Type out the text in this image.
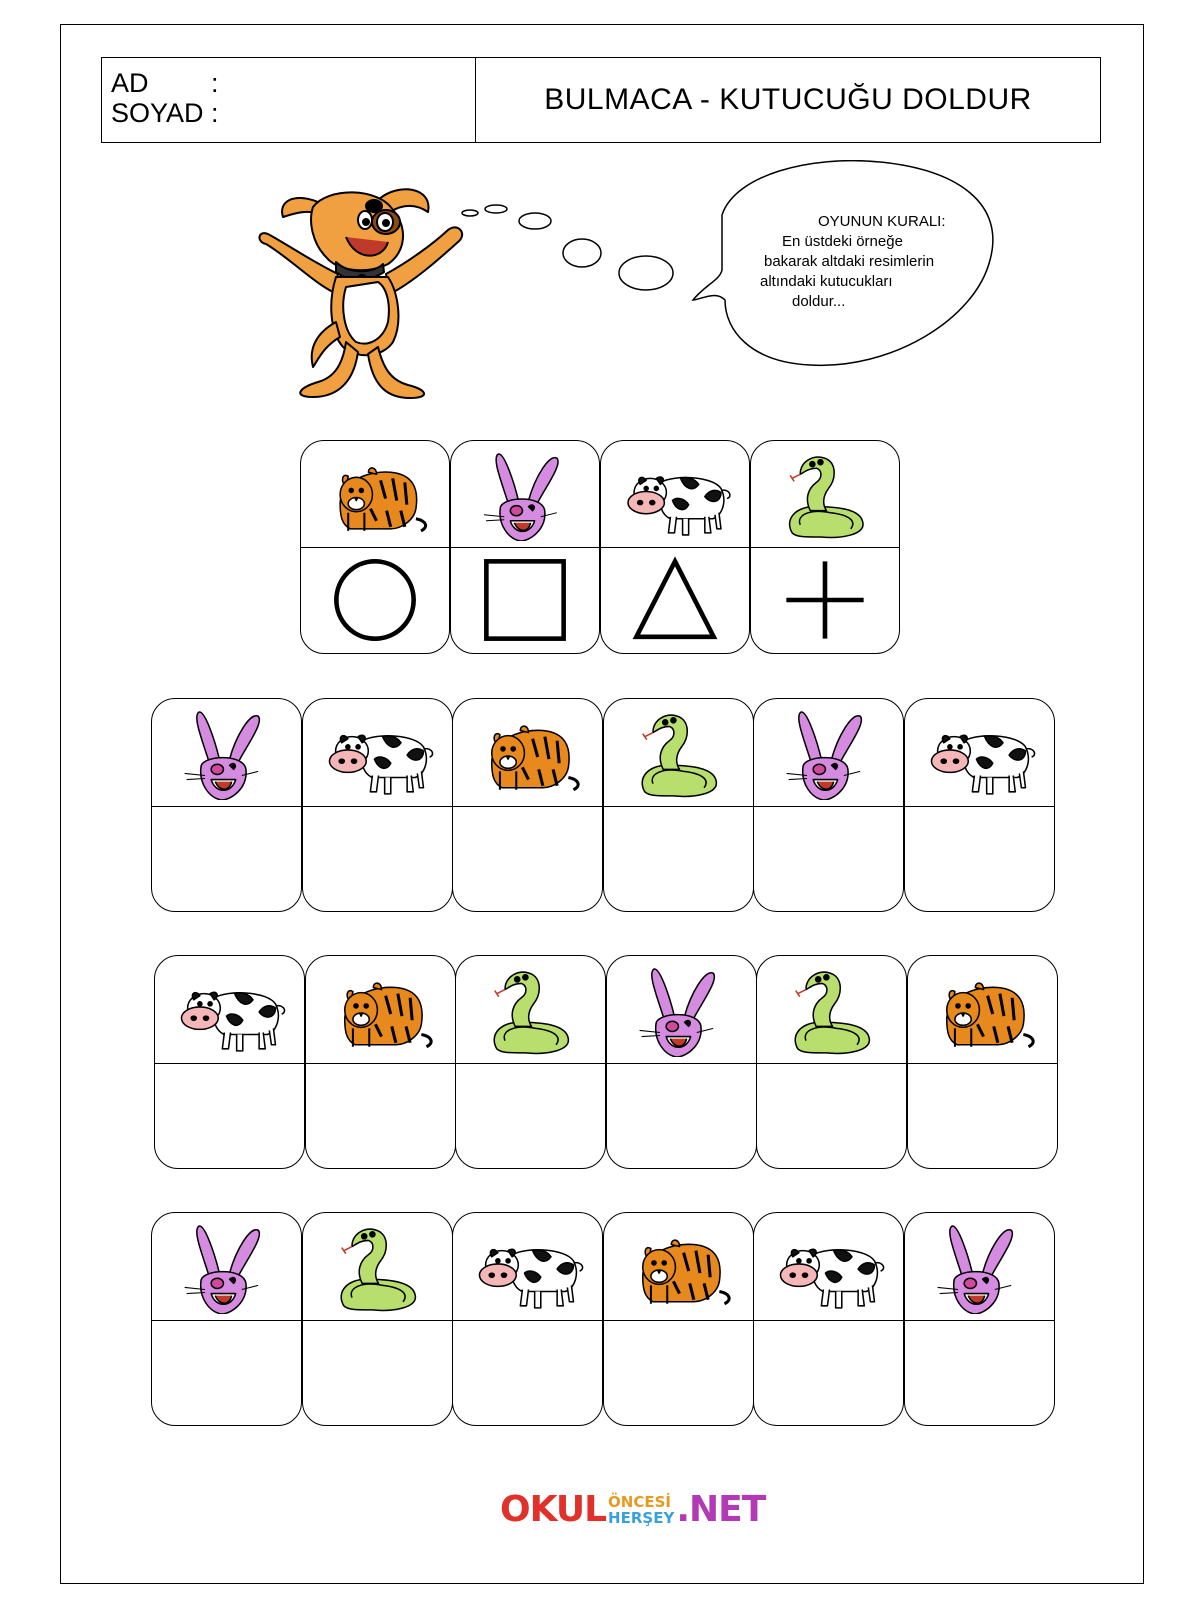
AD	:
SOYAD :	BULMACA - KUTUCUĞU DOLDUR
OYUNUN KURALI:
En üstdeki örneğe
bakarak altdaki resimlerin
altındaki kutucukları
doldur...
OKUL ÖNCESİ
HERŞEY .NET
